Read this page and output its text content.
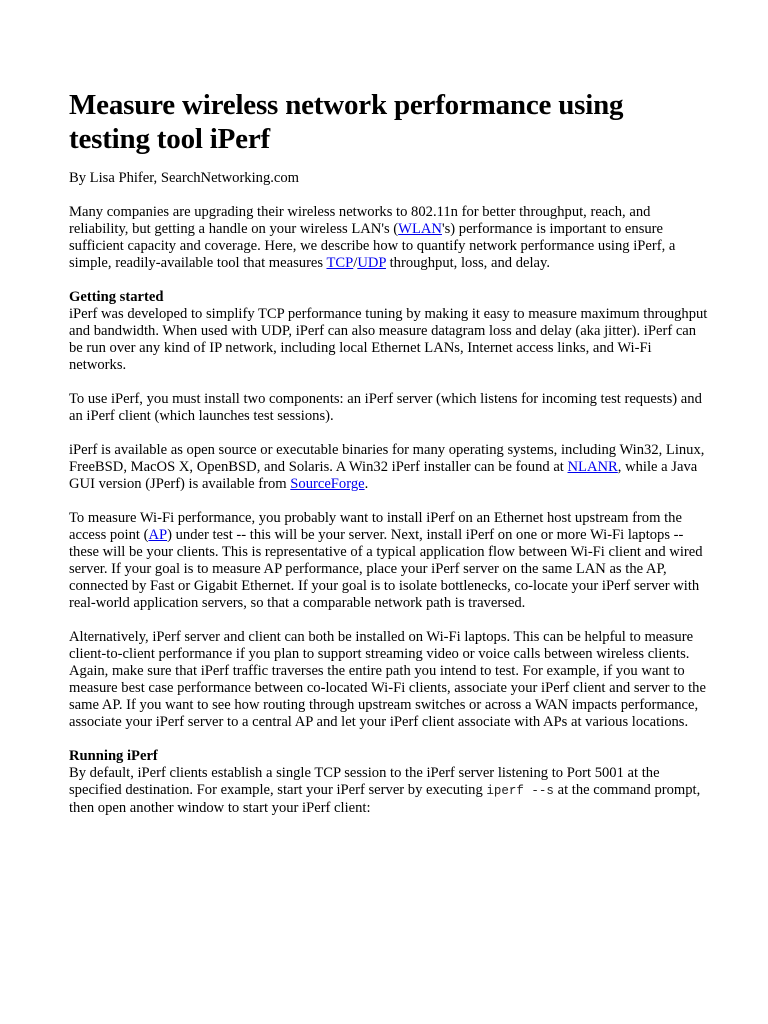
Measure wireless network performance using testing tool iPerf

By Lisa Phifer, SearchNetworking.com

Many companies are upgrading their wireless networks to 802.11n for better throughput, reach, and reliability, but getting a handle on your wireless LAN's (WLAN's) performance is important to ensure sufficient capacity and coverage. Here, we describe how to quantify network performance using iPerf, a simple, readily-available tool that measures TCP/UDP throughput, loss, and delay.

Getting started
iPerf was developed to simplify TCP performance tuning by making it easy to measure maximum throughput and bandwidth. When used with UDP, iPerf can also measure datagram loss and delay (aka jitter). iPerf can be run over any kind of IP network, including local Ethernet LANs, Internet access links, and Wi-Fi networks.

To use iPerf, you must install two components: an iPerf server (which listens for incoming test requests) and an iPerf client (which launches test sessions).

iPerf is available as open source or executable binaries for many operating systems, including Win32, Linux, FreeBSD, MacOS X, OpenBSD, and Solaris. A Win32 iPerf installer can be found at NLANR, while a Java GUI version (JPerf) is available from SourceForge.

To measure Wi-Fi performance, you probably want to install iPerf on an Ethernet host upstream from the access point (AP) under test -- this will be your server. Next, install iPerf on one or more Wi-Fi laptops -- these will be your clients. This is representative of a typical application flow between Wi-Fi client and wired server. If your goal is to measure AP performance, place your iPerf server on the same LAN as the AP, connected by Fast or Gigabit Ethernet. If your goal is to isolate bottlenecks, co-locate your iPerf server with real-world application servers, so that a comparable network path is traversed.

Alternatively, iPerf server and client can both be installed on Wi-Fi laptops. This can be helpful to measure client-to-client performance if you plan to support streaming video or voice calls between wireless clients. Again, make sure that iPerf traffic traverses the entire path you intend to test. For example, if you want to measure best case performance between co-located Wi-Fi clients, associate your iPerf client and server to the same AP. If you want to see how routing through upstream switches or across a WAN impacts performance, associate your iPerf server to a central AP and let your iPerf client associate with APs at various locations.

Running iPerf
By default, iPerf clients establish a single TCP session to the iPerf server listening to Port 5001 at the specified destination. For example, start your iPerf server by executing iperf --s at the command prompt, then open another window to start your iPerf client:
